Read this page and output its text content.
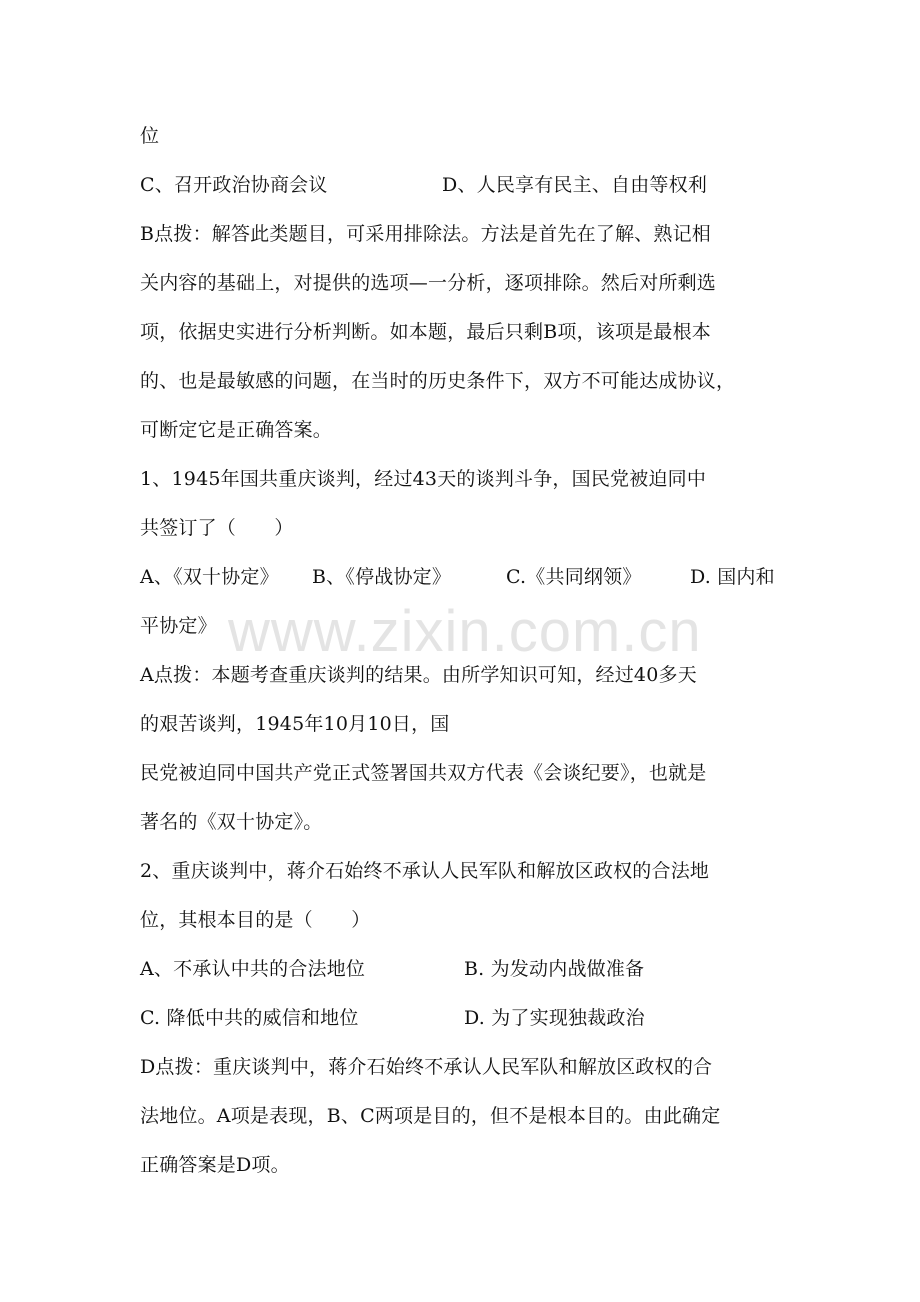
位
C、召开政治协商会议	D、人民享有民主、自由等权利
B点拨：解答此类题目，可采用排除法。方法是首先在了解、熟记相
关内容的基础上，对提供的选项—一分析，逐项排除。然后对所剩选
项，依据史实进行分析判断。如本题，最后只剩B项，该项是最根本
的、也是最敏感的问题，在当时的历史条件下，双方不可能达成协议，
可断定它是正确答案。
1、1945年国共重庆谈判，经过43天的谈判斗争，国民党被迫同中
共签订了（　　）
A、《双十协定》 B、《停战协定》	C.《共同纲领》	D. 国内和
平协定》
A点拨：本题考查重庆谈判的结果。由所学知识可知，经过40多天
的艰苦谈判，1945年10月10日，国
民党被迫同中国共产党正式签署国共双方代表《会谈纪要》，也就是
著名的《双十协定》。
2、重庆谈判中，蒋介石始终不承认人民军队和解放区政权的合法地
位，其根本目的是（　　）
A、不承认中共的合法地位	B. 为发动内战做准备
C. 降低中共的威信和地位	D. 为了实现独裁政治
D点拨：重庆谈判中，蒋介石始终不承认人民军队和解放区政权的合
法地位。A项是表现，B、C两项是目的，但不是根本目的。由此确定
正确答案是D项。
www.zixin.com.cn
